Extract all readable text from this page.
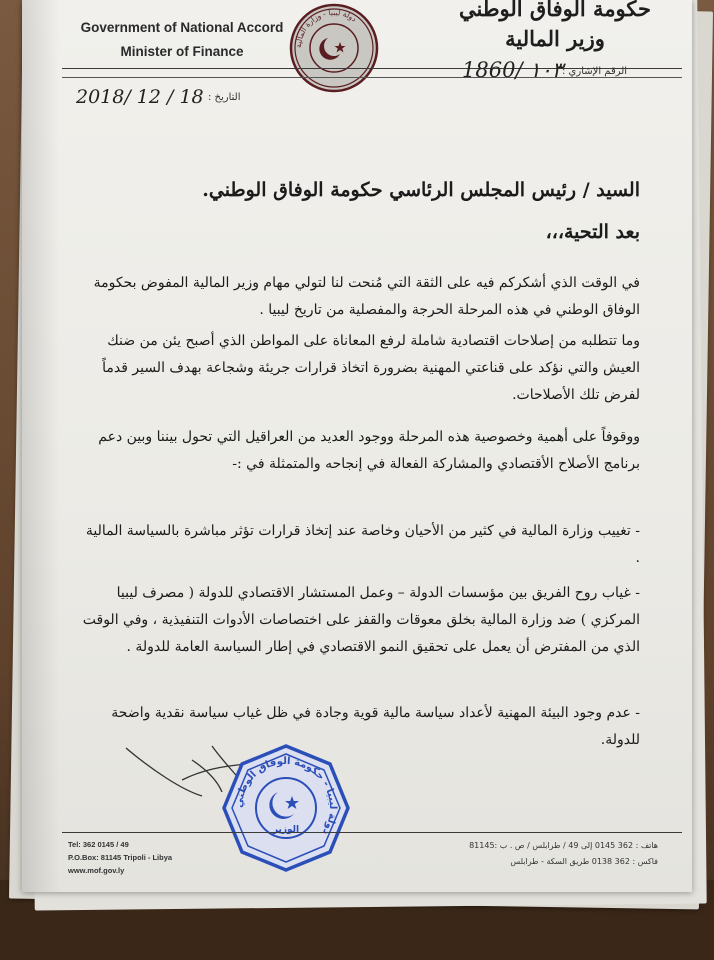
Government of National Accord
Minister of Finance	دولة ليبيا - وزارة المالية	حكومة الوفاق الوطني
وزير المالية
الرقم الإشاري :
1860/ ١٠٣
التاريخ :
2018/ 12 / 18
السيد / رئيس المجلس الرئاسي حكومة الوفاق الوطني.
بعد التحية،،،
في الوقت الذي أشكركم فيه على الثقة التي مُنحت لنا لتولي مهام وزير المالية المفوض بحكومة الوفاق الوطني في هذه المرحلة الحرجة والمفصلية من تاريخ ليبيا .
وما تتطلبه من إصلاحات اقتصادية شاملة لرفع المعاناة على المواطن الذي أصبح يئن من ضنك العيش والتي نؤكد على قناعتي المهنية بضرورة اتخاذ قرارات جريئة وشجاعة بهدف السير قدماً لفرض تلك الأصلاحات.
ووقوفاً على أهمية وخصوصية هذه المرحلة ووجود العديد من العراقيل التي تحول بيننا وبين دعم برنامج الأصلاح الأقتصادي والمشاركة الفعالة في إنجاحه والمتمثلة في :-
- تغييب وزارة المالية في كثير من الأحيان وخاصة عند إتخاذ قرارات تؤثر مباشرة بالسياسة المالية .
- غياب روح الفريق بين مؤسسات الدولة – وعمل المستشار الاقتصادي للدولة ( مصرف ليبيا المركزي ) ضد وزارة المالية بخلق معوقات والقفز على اختصاصات الأدوات التنفيذية ، وفي الوقت الذي من المفترض أن يعمل على تحقيق النمو الاقتصادي في إطار السياسة العامة للدولة .
- عدم وجود البيئة المهنية لأعداد سياسة مالية قوية وجادة في ظل غياب سياسة نقدية واضحة للدولة.
دولة ليبيا - حكومة الوفاق الوطني
الوزير
Tel: 362 0145 / 49
P.O.Box: 81145 Tripoli - Libya
www.mof.gov.ly
هاتف : 362 0145 إلى 49 / طرابلس / ص . ب :81145
فاكس : 362 0138 طريق السكة - طرابلس
